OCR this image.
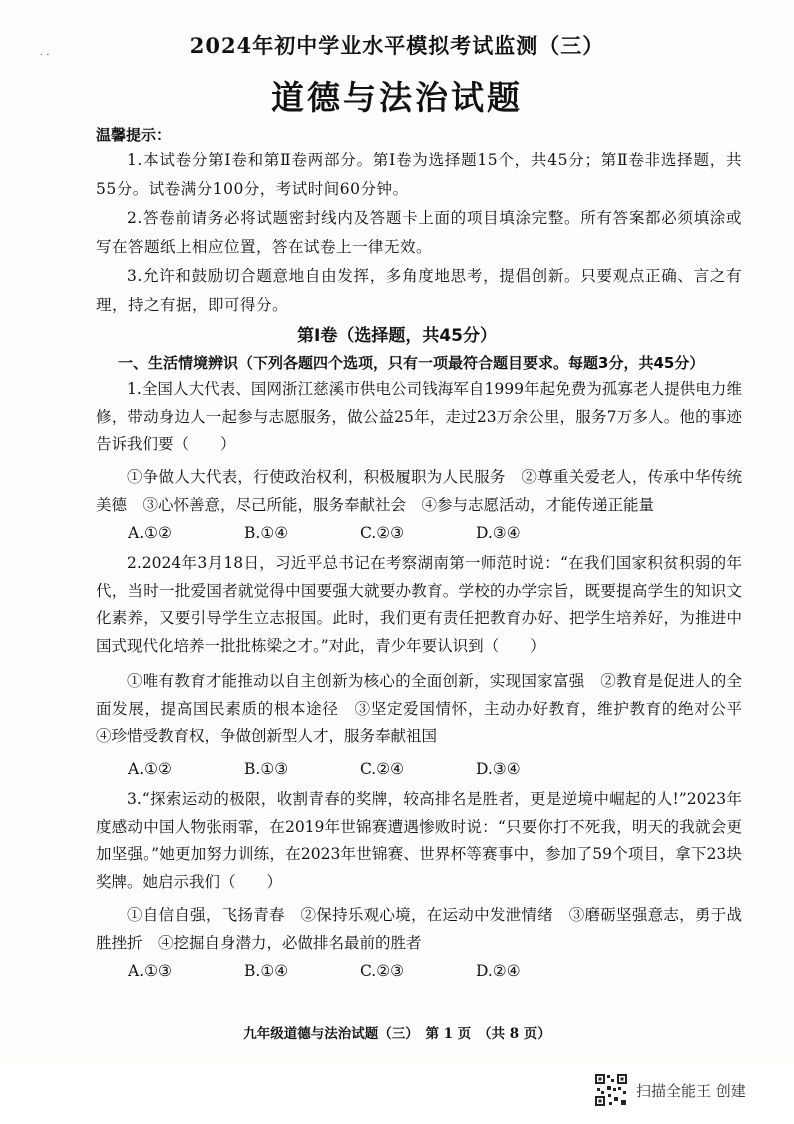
· ·	2024年初中学业水平模拟考试监测（三）
道德与法治试题
温馨提示：
1.本试卷分第Ⅰ卷和第Ⅱ卷两部分。第Ⅰ卷为选择题15个，共45分；第Ⅱ卷非选择题，共55分。试卷满分100分，考试时间60分钟。
2.答卷前请务必将试题密封线内及答题卡上面的项目填涂完整。所有答案都必须填涂或写在答题纸上相应位置，答在试卷上一律无效。
3.允许和鼓励切合题意地自由发挥，多角度地思考，提倡创新。只要观点正确、言之有理，持之有据，即可得分。
第Ⅰ卷（选择题，共45分）
一、生活情境辨识（下列各题四个选项，只有一项最符合题目要求。每题3分，共45分）
1.全国人大代表、国网浙江慈溪市供电公司钱海军自1999年起免费为孤寡老人提供电力维修，带动身边人一起参与志愿服务，做公益25年，走过23万余公里，服务7万多人。他的事迹告诉我们要（　　）
①争做人大代表，行使政治权利，积极履职为人民服务　②尊重关爱老人，传承中华传统美德　③心怀善意，尽己所能，服务奉献社会　④参与志愿活动，才能传递正能量
A.①②	B.①④	C.②③	D.③④
2.2024年3月18日，习近平总书记在考察湖南第一师范时说：“在我们国家积贫积弱的年代，当时一批爱国者就觉得中国要强大就要办教育。学校的办学宗旨，既要提高学生的知识文化素养，又要引导学生立志报国。此时，我们更有责任把教育办好、把学生培养好，为推进中国式现代化培养一批批栋梁之才。”对此，青少年要认识到（　　）
①唯有教育才能推动以自主创新为核心的全面创新，实现国家富强　②教育是促进人的全面发展，提高国民素质的根本途径　③坚定爱国情怀，主动办好教育，维护教育的绝对公平　④珍惜受教育权，争做创新型人才，服务奉献祖国
A.①②	B.①③	C.②④	D.③④
3.“探索运动的极限，收割青春的奖牌，较高排名是胜者，更是逆境中崛起的人!”2023年度感动中国人物张雨霏，在2019年世锦赛遭遇惨败时说：“只要你打不死我，明天的我就会更加坚强。”她更加努力训练，在2023年世锦赛、世界杯等赛事中，参加了59个项目，拿下23块奖牌。她启示我们（　　）
①自信自强，飞扬青春　②保持乐观心境，在运动中发泄情绪　③磨砺坚强意志，勇于战胜挫折　④挖掘自身潜力，必做排名最前的胜者
A.①③	B.①④	C.②③	D.②④
九年级道德与法治试题（三）　第 1 页　（共 8 页）
扫描全能王 创建
